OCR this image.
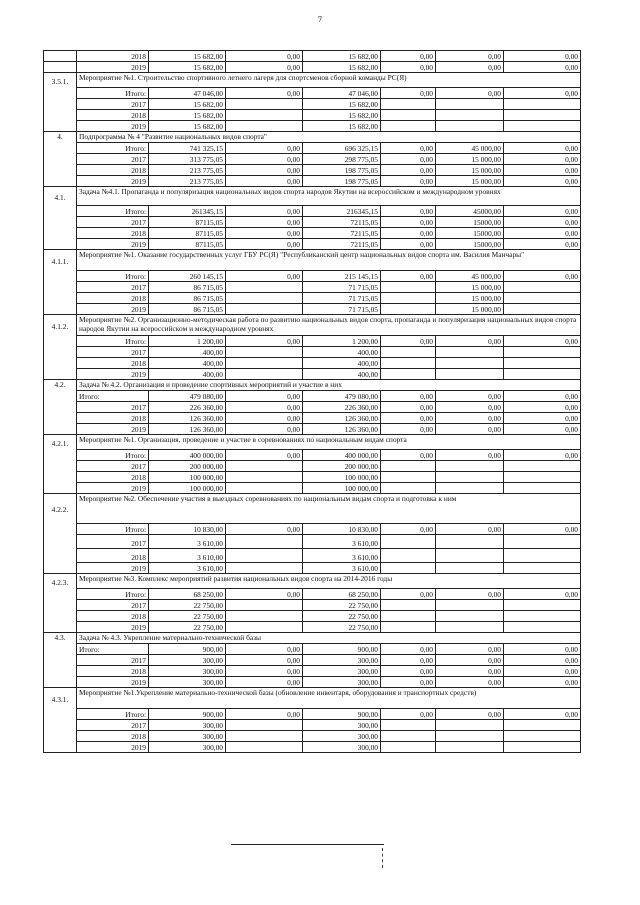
7
	2018	15 682,00	0,00	15 682,00	0,00	0,00	0,00
	2019	15 682,00	0,00	15 682,00	0,00	0,00	0,00
3.5.1.	Мероприятие №1. Строительство спортивного летнего лагеря для спортсменов сборной команды РС(Я)						
	Итого:	47 046,00	0,00	47 046,00	0,00	0,00	0,00
	2017	15 682,00		15 682,00			
	2018	15 682,00		15 682,00			
	2019	15 682,00		15 682,00			
4.	Подпрограмма № 4 "Развитие национальных видов спорта"						
	Итого:	741 325,15	0,00	696 325,15	0,00	45 000,00	0,00
	2017	313 775,05	0,00	298 775,05	0,00	15 000,00	0,00
	2018	213 775,05	0,00	198 775,05	0,00	15 000,00	0,00
	2019	213 775,05	0,00	198 775,05	0,00	15 000,00	0,00
4.1.	Задача №4.1. Пропаганда и популяризация национальных видов спорта народов Якутии на всероссийском и международном уровнях						
	Итого:	261345,15	0,00	216345,15	0,00	45000,00	0,00
	2017	87115,05	0,00	72115,05	0,00	15000,00	0,00
	2018	87115,05	0,00	72115,05	0,00	15000,00	0,00
	2019	87115,05	0,00	72115,05	0,00	15000,00	0,00
4.1.1.	Мероприятие №1. Оказание государственных услуг ГБУ РС(Я) "Республиканский центр национальных видов спорта им. Василия Манчары"						
	Итого:	260 145,15	0,00	215 145,15	0,00	45 000,00	0,00
	2017	86 715,05		71 715,05		15 000,00	
	2018	86 715,05		71 715,05		15 000,00	
	2019	86 715,05		71 715,05		15 000,00	
4.1.2.	Мероприятие №2. Организационно-методическая работа по развитию национальных видов спорта, пропаганда и популяризация национальных видов спорта народов Якутии на всероссийском и международном уровнях						
	Итого:	1 200,00	0,00	1 200,00	0,00	0,00	0,00
	2017	400,00		400,00			
	2018	400,00		400,00			
	2019	400,00		400,00			
4.2.	Задача № 4.2. Организация и проведение спортивных мероприятий и участие в них						
	Итого:	479 080,00	0,00	479 080,00	0,00	0,00	0,00
	2017	226 360,00	0,00	226 360,00	0,00	0,00	0,00
	2018	126 360,00	0,00	126 360,00	0,00	0,00	0,00
	2019	126 360,00	0,00	126 360,00	0,00	0,00	0,00
4.2.1.	Мероприятие №1. Организация, проведение и участие в соревнованиях по национальным видам спорта						
	Итого:	400 000,00	0,00	400 000,00	0,00	0,00	0,00
	2017	200 000,00		200 000,00			
	2018	100 000,00		100 000,00			
	2019	100 000,00		100 000,00			
4.2.2.	Мероприятие №2. Обеспечение участия в выездных соревнованиях по национальным видам спорта и подготовка к ним						
	Итого:	10 830,00	0,00	10 830,00	0,00	0,00	0,00
	2017	3 610,00		3 610,00			
	2018	3 610,00		3 610,00			
	2019	3 610,00		3 610,00			
4.2.3.	Мероприятие №3. Комплекс мероприятий развития национальных видов спорта на 2014-2016 годы						
	Итого:	68 250,00	0,00	68 250,00	0,00	0,00	0,00
	2017	22 750,00		22 750,00			
	2018	22 750,00		22 750,00			
	2019	22 750,00		22 750,00			
4.3.	Задача № 4.3. Укрепление материально-технической базы						
	Итого:	900,00	0,00	900,00	0,00	0,00	0,00
	2017	300,00	0,00	300,00	0,00	0,00	0,00
	2018	300,00	0,00	300,00	0,00	0,00	0,00
	2019	300,00	0,00	300,00	0,00	0,00	0,00
4.3.1.	Мероприятие №1.Укрепление материально-технической базы (обновление инвентаря, оборудования и транспортных средств)						
	Итого:	900,00	0,00	900,00	0,00	0,00	0,00
	2017	300,00		300,00			
	2018	300,00		300,00			
	2019	300,00		300,00			
